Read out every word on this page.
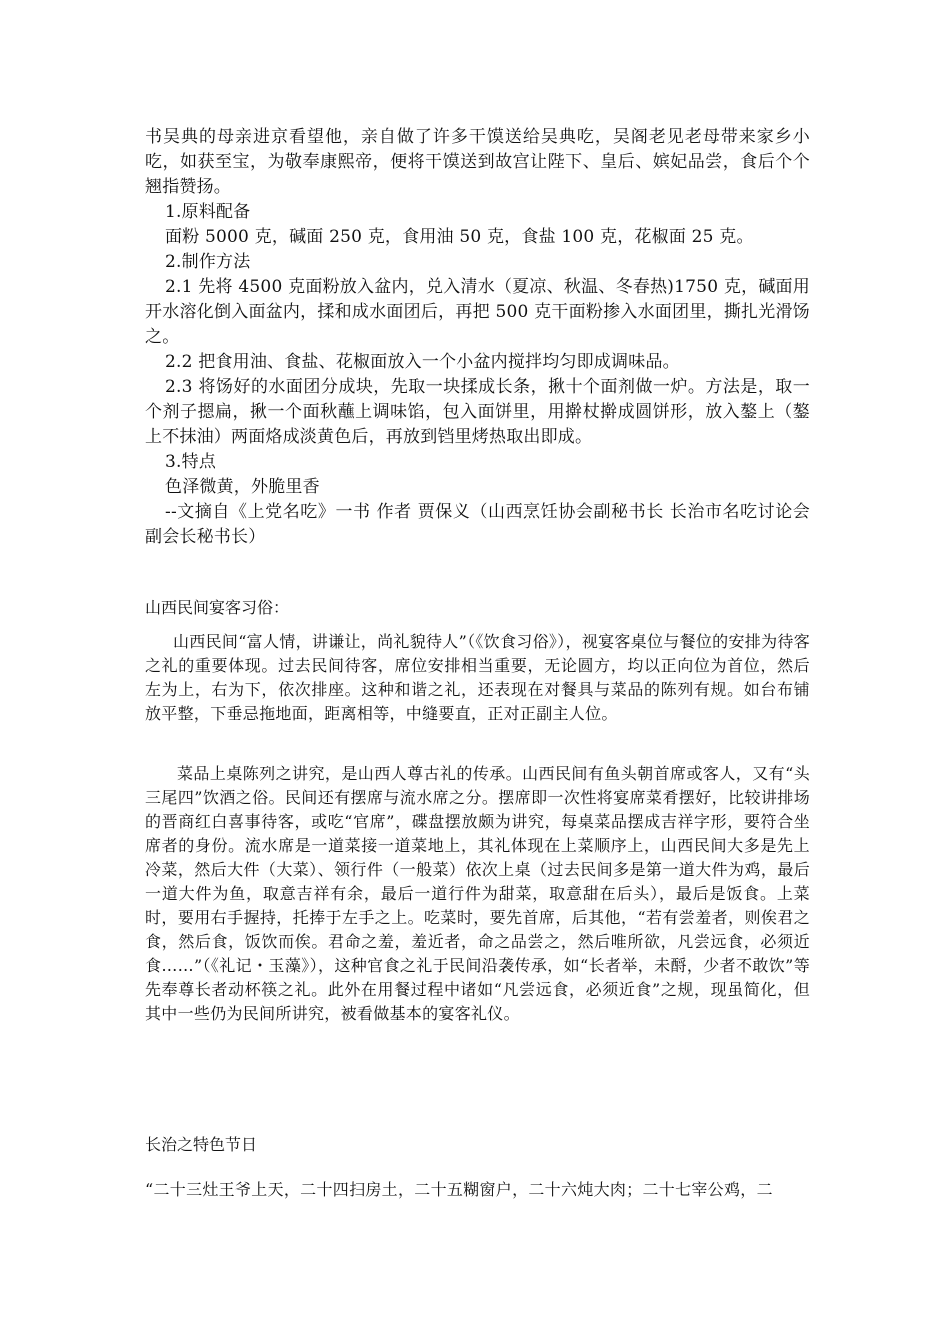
书吴典的母亲进京看望他，亲自做了许多干馍送给吴典吃，吴阁老见老母带来家乡小吃，如获至宝，为敬奉康熙帝，便将干馍送到故宫让陛下、皇后、嫔妃品尝，食后个个翘指赞扬。
1.原料配备
面粉 5000 克，碱面 250 克，食用油 50 克，食盐 100 克，花椒面 25 克。
2.制作方法
2.1 先将 4500 克面粉放入盆内，兑入清水（夏凉、秋温、冬春热)1750 克，碱面用开水溶化倒入面盆内，揉和成水面团后，再把 500 克干面粉掺入水面团里，撕扎光滑饧之。
2.2 把食用油、食盐、花椒面放入一个小盆内搅拌均匀即成调味品。
2.3 将饧好的水面团分成块，先取一块揉成长条，揪十个面剂做一炉。方法是，取一个剂子摁扁，揪一个面秋蘸上调味馅，包入面饼里，用擀杖擀成圆饼形，放入鏊上（鏊上不抹油）两面烙成淡黄色后，再放到铛里烤热取出即成。
3.特点
色泽微黄，外脆里香
--文摘自《上党名吃》一书 作者 贾保义（山西烹饪协会副秘书长 长治市名吃讨论会副会长秘书长）
山西民间宴客习俗：
山西民间“富人情，讲谦让，尚礼貌待人”（《饮食习俗》），视宴客桌位与餐位的安排为待客之礼的重要体现。过去民间待客，席位安排相当重要，无论圆方，均以正向位为首位，然后左为上，右为下，依次排座。这种和谐之礼，还表现在对餐具与菜品的陈列有规。如台布铺放平整，下垂忌拖地面，距离相等，中缝要直，正对正副主人位。
菜品上桌陈列之讲究，是山西人尊古礼的传承。山西民间有鱼头朝首席或客人，又有“头三尾四”饮酒之俗。民间还有摆席与流水席之分。摆席即一次性将宴席菜肴摆好，比较讲排场的晋商红白喜事待客，或吃“官席”，碟盘摆放颇为讲究，每桌菜品摆成吉祥字形，要符合坐席者的身份。流水席是一道菜接一道菜地上，其礼体现在上菜顺序上，山西民间大多是先上冷菜，然后大件（大菜）、领行件（一般菜）依次上桌（过去民间多是第一道大件为鸡，最后一道大件为鱼，取意吉祥有余，最后一道行件为甜菜，取意甜在后头），最后是饭食。上菜时，要用右手握持，托捧于左手之上。吃菜时，要先首席，后其他，“若有尝羞者，则俟君之食，然后食，饭饮而俟。君命之羞，羞近者，命之品尝之，然后唯所欲，凡尝远食，必须近食……”（《礼记・玉藻》），这种官食之礼于民间沿袭传承，如“长者举，未酹，少者不敢饮”等先奉尊长者动杯筷之礼。此外在用餐过程中诸如“凡尝远食，必须近食”之规，现虽简化，但其中一些仍为民间所讲究，被看做基本的宴客礼仪。
长治之特色节日
“二十三灶王爷上天，二十四扫房土，二十五糊窗户，二十六炖大肉；二十七宰公鸡，二
